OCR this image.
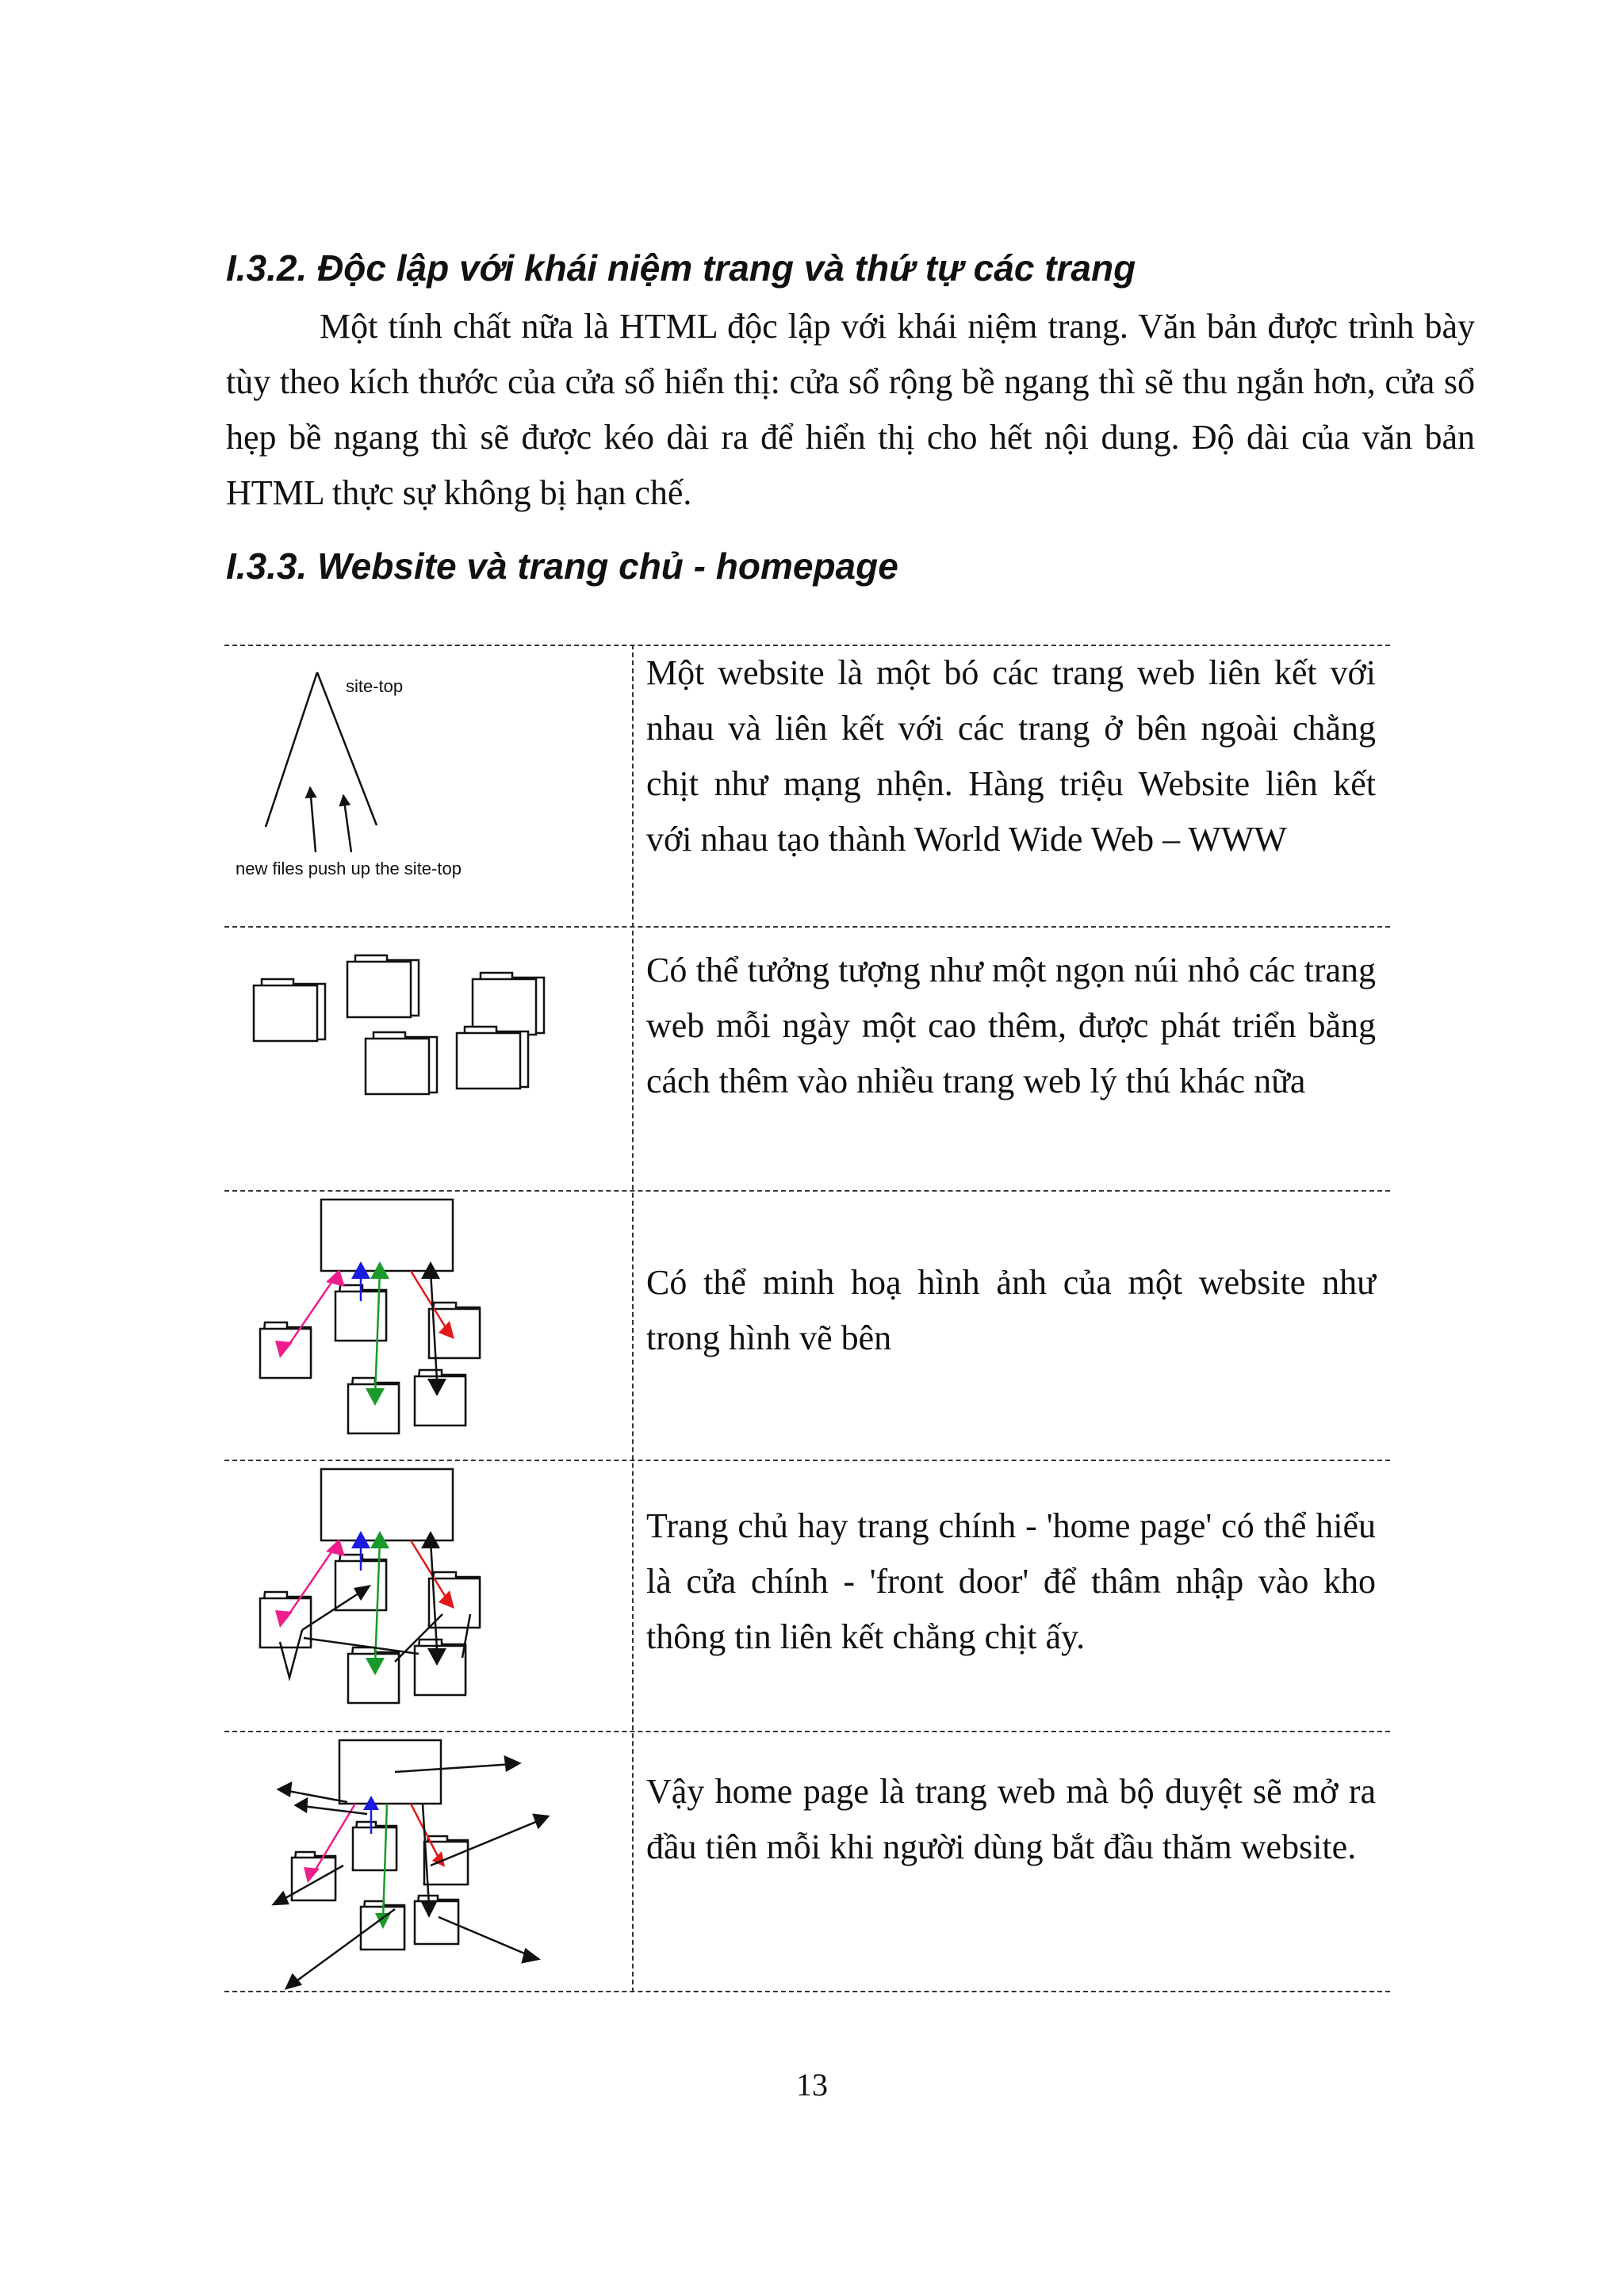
I.3.2. Độc lập với khái niệm trang và thứ tự các trang

Một tính chất nữa là HTML độc lập với khái niệm trang. Văn bản được trình bày tùy theo kích thước của cửa sổ hiển thị: cửa sổ rộng bề ngang thì sẽ thu ngắn hơn, cửa sổ hẹp bề ngang thì sẽ được kéo dài ra để hiển thị cho hết nội dung. Độ dài của văn bản HTML thực sự không bị hạn chế.

I.3.3. Website và trang chủ - homepage

Một website là một bó các trang web liên kết với nhau và liên kết với các trang ở bên ngoài chằng chịt như mạng nhện. Hàng triệu Website liên kết với nhau tạo thành World Wide Web – WWW

site-top
new files push up the site-top

Có thể tưởng tượng như một ngọn núi nhỏ các trang web mỗi ngày một cao thêm, được phát triển bằng cách thêm vào nhiều trang web lý thú khác nữa

Có thể minh hoạ hình ảnh của một website như trong hình vẽ bên

Trang chủ hay trang chính - 'home page' có thể hiểu là cửa chính - 'front door' để thâm nhập vào kho thông tin liên kết chằng chịt ấy.

Vậy home page là trang web mà bộ duyệt sẽ mở ra đầu tiên mỗi khi người dùng bắt đầu thăm website.

13
